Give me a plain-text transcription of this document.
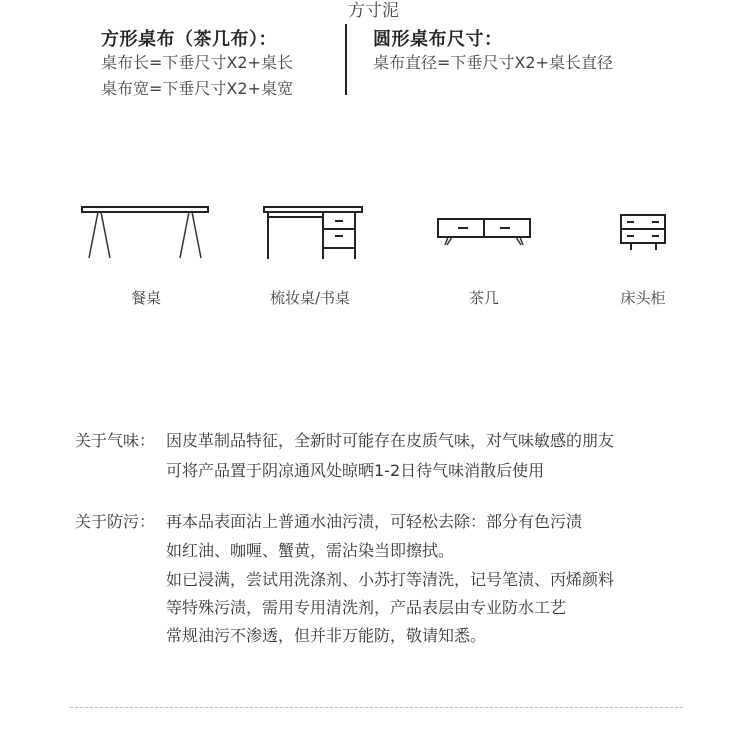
方寸泥
方形桌布（茶几布）：
桌布长=下垂尺寸X2+桌长
桌布宽=下垂尺寸X2+桌宽
圆形桌布尺寸：
桌布直径=下垂尺寸X2+桌长直径
餐桌	梳妆桌/书桌	茶几	床头柜
关于气味： 因皮革制品特征，全新时可能存在皮质气味，对气味敏感的朋友
可将产品置于阴凉通风处晾晒1-2日待气味消散后使用
关于防污： 再本品表面沾上普通水油污渍，可轻松去除：部分有色污渍
如红油、咖喱、蟹黄，需沾染当即擦拭。
如已浸满，尝试用洗涤剂、小苏打等清洗，记号笔渍、丙烯颜料
等特殊污渍，需用专用清洗剂，产品表层由专业防水工艺
常规油污不渗透，但并非万能防，敬请知悉。
